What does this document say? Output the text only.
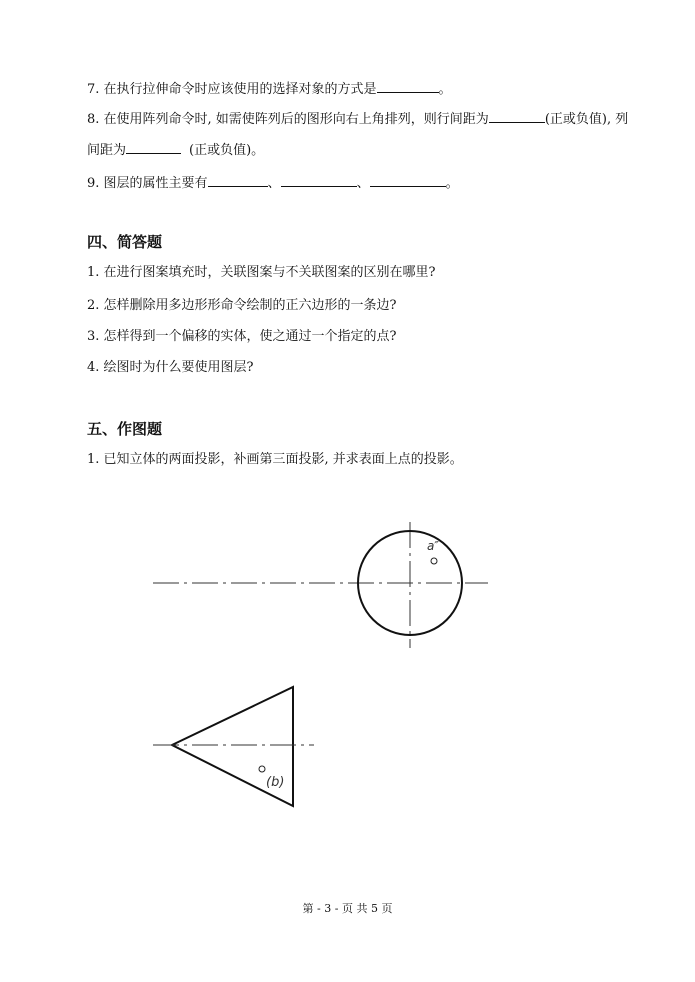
7. 在执行拉伸命令时应该使用的选择对象的方式是	。
8. 在使用阵列命令时, 如需使阵列后的图形向右上角排列，则行间距为	(正或负值), 列
间距为	(正或负值)。
9. 图层的属性主要有	、	、	。
四、简答题
1. 在进行图案填充时，关联图案与不关联图案的区别在哪里?
2. 怎样删除用多边形形命令绘制的正六边形的一条边?
3. 怎样得到一个偏移的实体，使之通过一个指定的点?
4. 绘图时为什么要使用图层?
五、作图题
1. 已知立体的两面投影，补画第三面投影, 并求表面上点的投影。
a″
(b)
第 - 3 - 页 共 5 页
